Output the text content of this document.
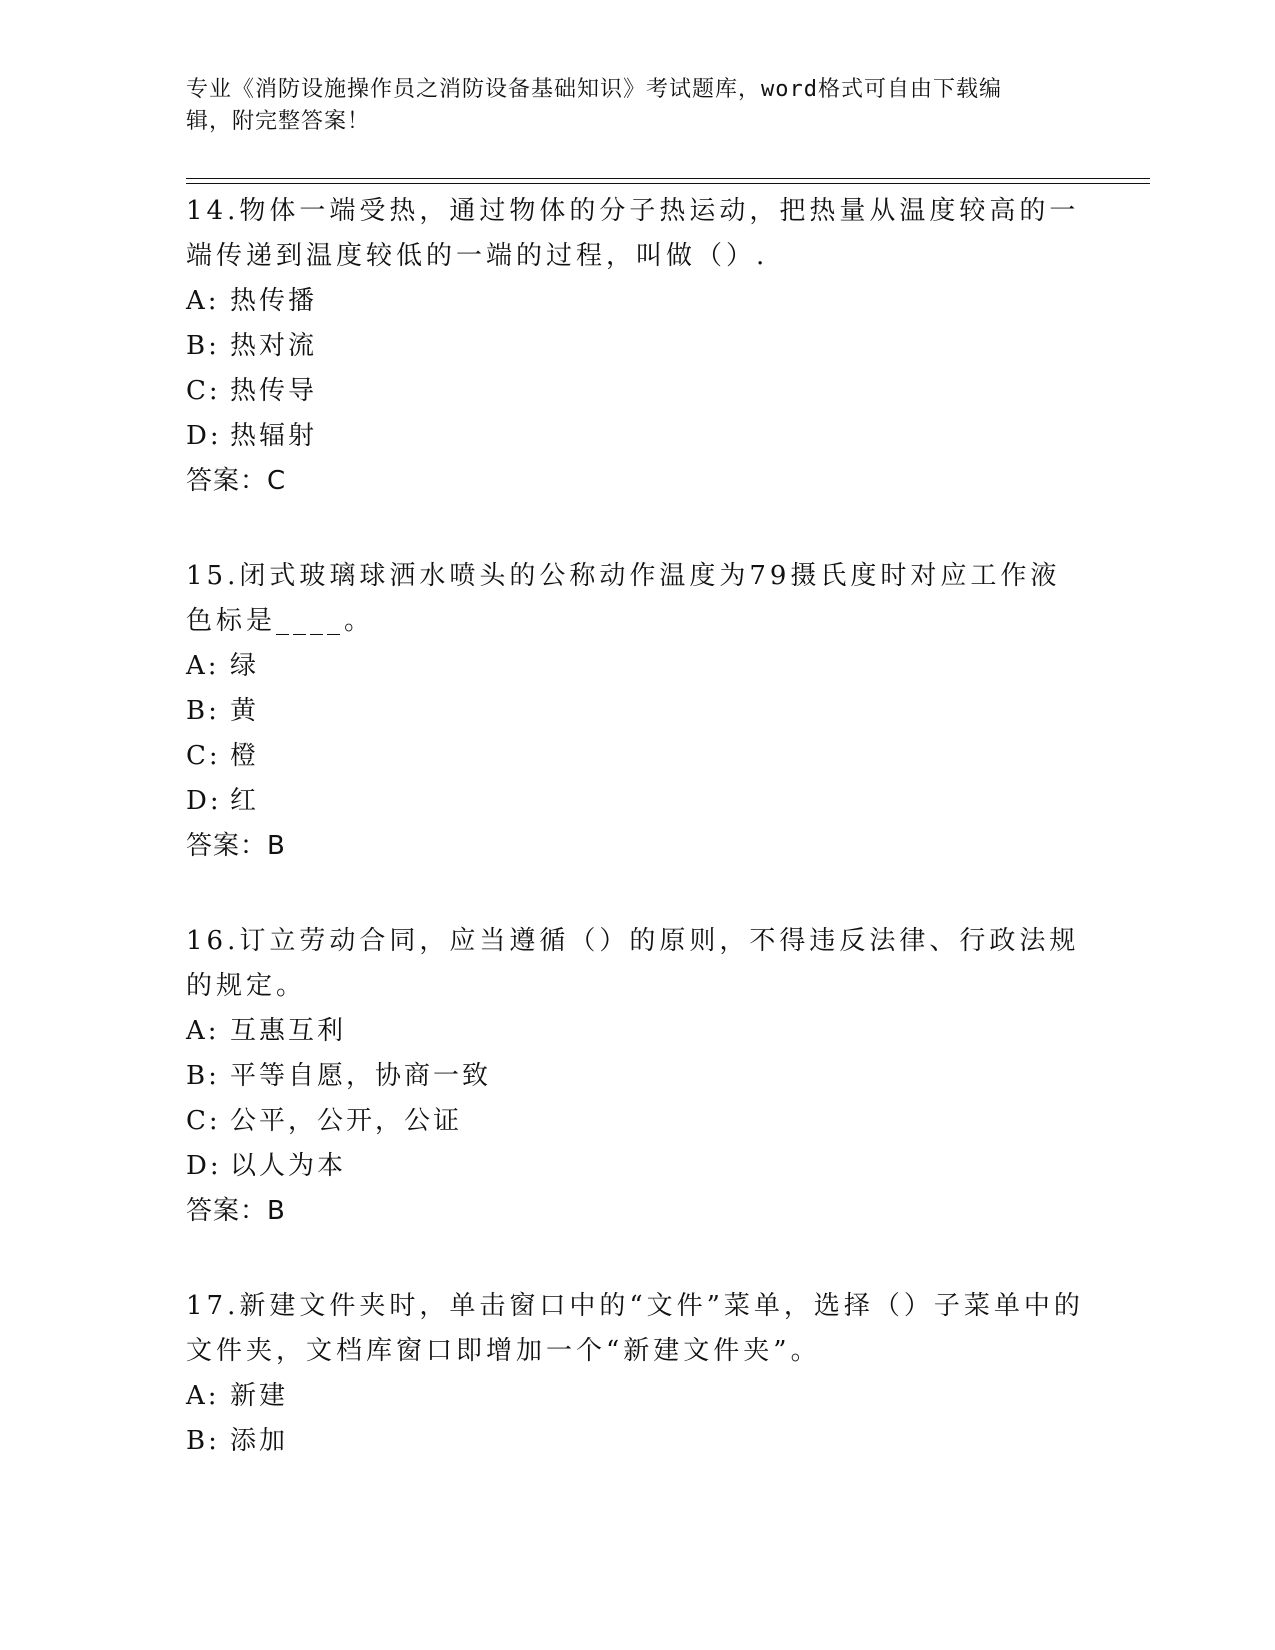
专业《消防设施操作员之消防设备基础知识》考试题库，word格式可自由下载编
辑，附完整答案！

14.物体一端受热，通过物体的分子热运动，把热量从温度较高的一端传递到温度较低的一端的过程，叫做（）.

A: 热传播
B: 热对流
C: 热传导
D: 热辐射

答案：C

15.闭式玻璃球洒水喷头的公称动作温度为79摄氏度时对应工作液色标是____。

A: 绿
B: 黄
C: 橙
D: 红

答案：B

16.订立劳动合同，应当遵循（）的原则，不得违反法律、行政法规的规定。

A: 互惠互利
B: 平等自愿，协商一致
C: 公平，公开，公证
D: 以人为本

答案：B

17.新建文件夹时，单击窗口中的“文件”菜单，选择（）子菜单中的文件夹，文档库窗口即增加一个“新建文件夹”。

A: 新建
B: 添加
